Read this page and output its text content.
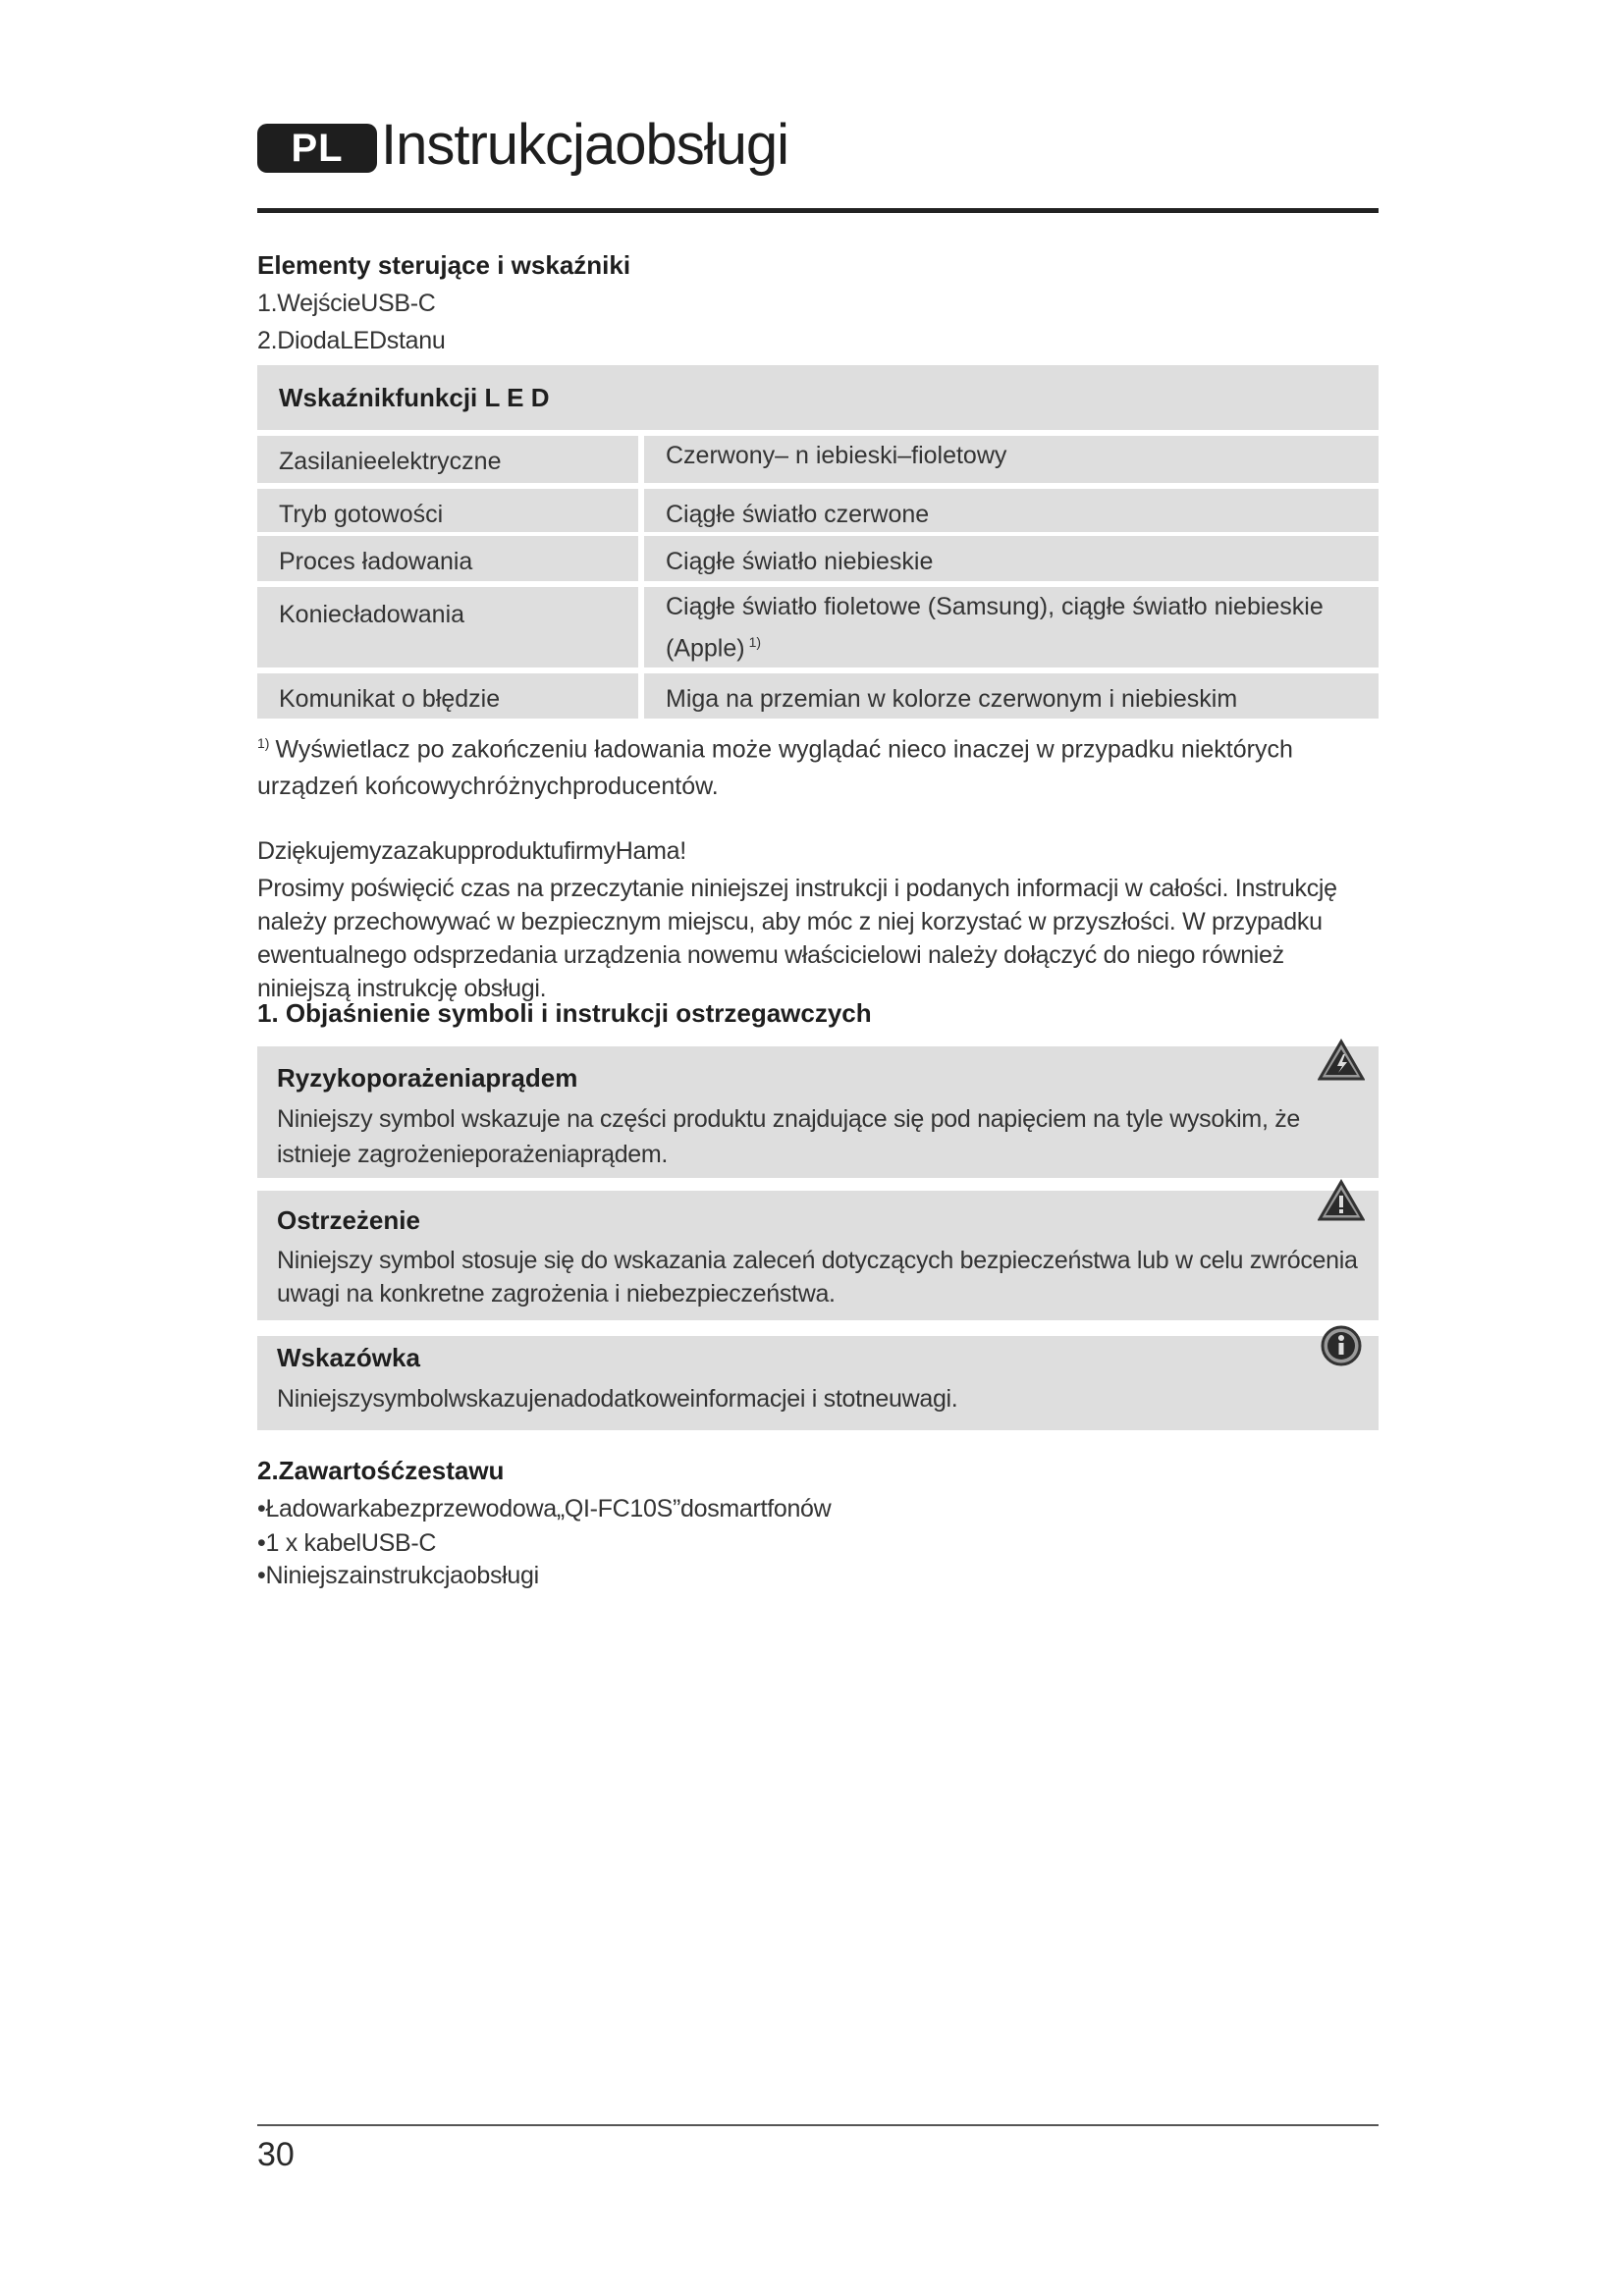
PL Instrukcjaobsługi
Elementy sterujące i wskaźniki
1.WejścieUSB-C
2.DiodaLEDstanu
Wskaźnikfunkcji L E D
Zasilanieelektryczne	Czerwony– n iebieski–fioletowy
Tryb gotowości	Ciągłe światło czerwone
Proces ładowania	Ciągłe światło niebieskie
Koniecładowania	Ciągłe światło fioletowe (Samsung), ciągłe światło niebieskie (Apple) $^{1)}$
Komunikat o błędzie	Miga na przemian w kolorze czerwonym i niebieskim
$^{1)}$ Wyświetlacz po zakończeniu ładowania może wyglądać nieco inaczej w przypadku niektórych urządzeń końcowychróżnychproducentów.
DziękujemyzazakupproduktufirmyHama!
Prosimy poświęcić czas na przeczytanie niniejszej instrukcji i podanych informacji w całości. Instrukcję należy przechowywać w bezpiecznym miejscu, aby móc z niej korzystać w przyszłości. W przypadku ewentualnego odsprzedania urządzenia nowemu właścicielowi należy dołączyć do niego również niniejszą instrukcję obsługi.
1. Objaśnienie symboli i instrukcji ostrzegawczych
Ryzykoporażeniaprądem
Niniejszy symbol wskazuje na części produktu znajdujące się pod napięciem na tyle wysokim, że istnieje zagrożenieporażeniaprądem.
Ostrzeżenie
Niniejszy symbol stosuje się do wskazania zaleceń dotyczących bezpieczeństwa lub w celu zwrócenia uwagi na konkretne zagrożenia i niebezpieczeństwa.
Wskazówka
Niniejszysymbolwskazujenadodatkoweinformacjei i stotneuwagi.
2.Zawartośćzestawu
•Ładowarkabezprzewodowa„QI-FC10S”dosmartfonów
•1 x kabelUSB-C
•Niniejszainstrukcjaobsługi
30
